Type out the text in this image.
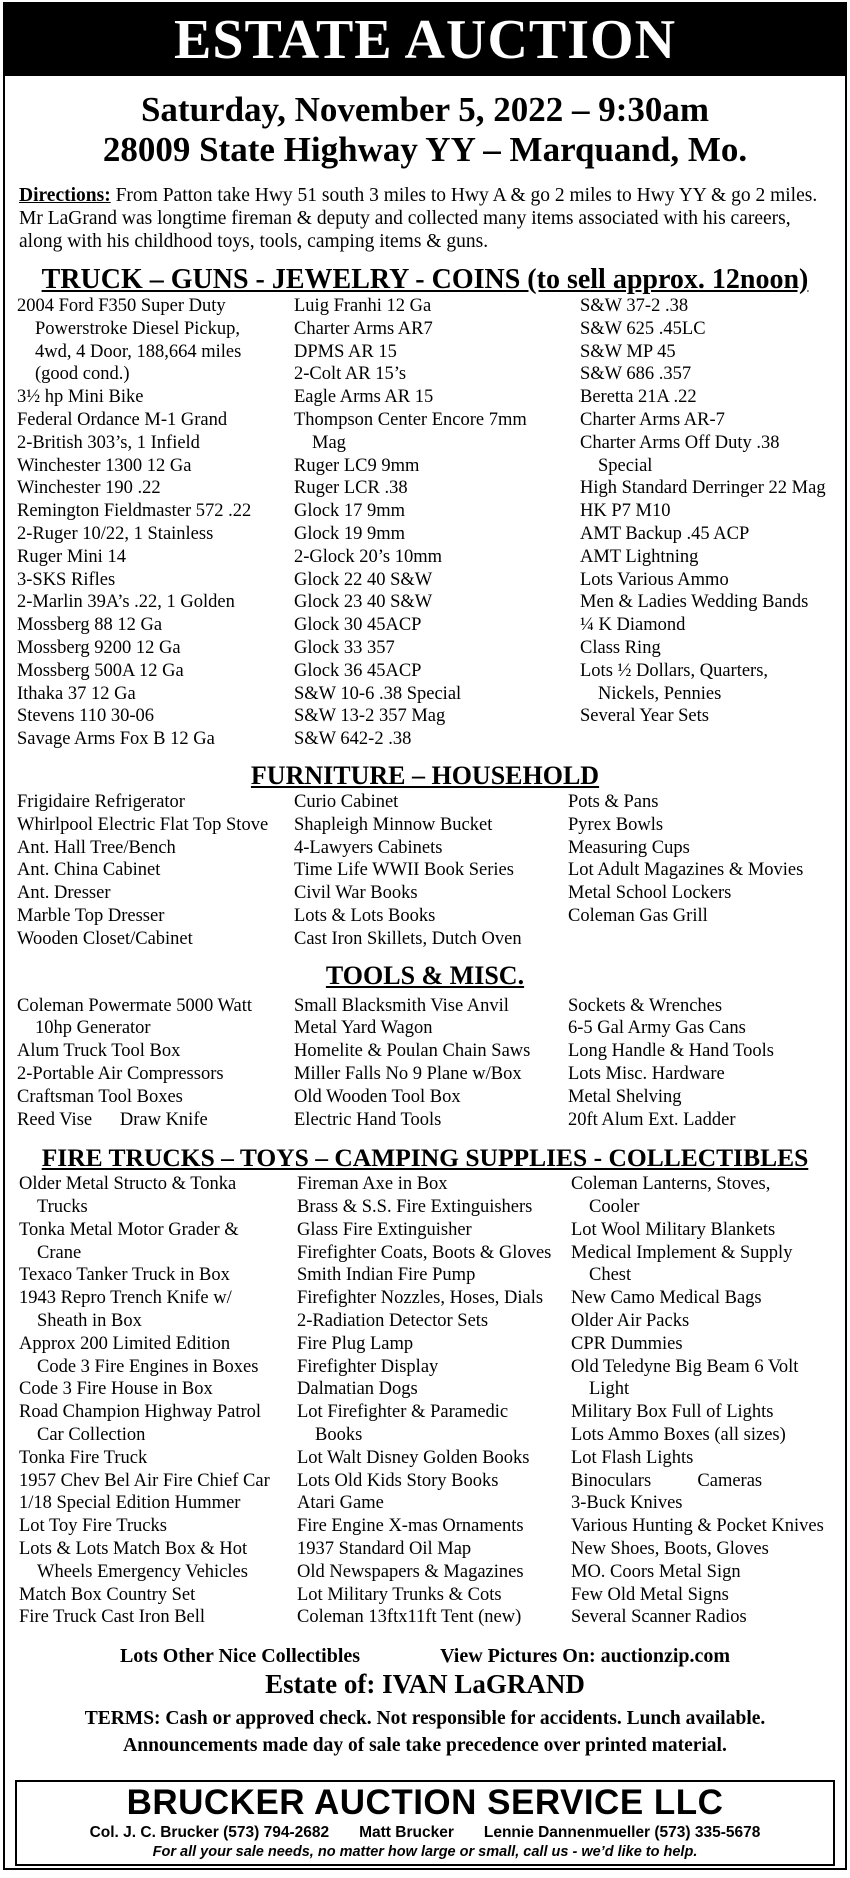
ESTATE AUCTION
Saturday, November 5, 2022 – 9:30am
28009 State Highway YY – Marquand, Mo.
Directions: From Patton take Hwy 51 south 3 miles to Hwy A & go 2 miles to Hwy YY & go 2 miles. Mr LaGrand was longtime fireman & deputy and collected many items associated with his careers, along with his childhood toys, tools, camping items & guns.
TRUCK – GUNS - JEWELRY - COINS (to sell approx. 12noon)
2004 Ford F350 Super Duty
Powerstroke Diesel Pickup,
4wd, 4 Door, 188,664 miles
(good cond.)
3½ hp Mini Bike
Federal Ordance M-1 Grand
2-British 303’s, 1 Infield
Winchester 1300 12 Ga
Winchester 190 .22
Remington Fieldmaster 572 .22
2-Ruger 10/22, 1 Stainless
Ruger Mini 14
3-SKS Rifles
2-Marlin 39A’s .22, 1 Golden
Mossberg 88 12 Ga
Mossberg 9200 12 Ga
Mossberg 500A 12 Ga
Ithaka 37 12 Ga
Stevens 110 30-06
Savage Arms Fox B 12 Ga
Luig Franhi 12 Ga
Charter Arms AR7
DPMS AR 15
2-Colt AR 15’s
Eagle Arms AR 15
Thompson Center Encore 7mm
Mag
Ruger LC9 9mm
Ruger LCR .38
Glock 17 9mm
Glock 19 9mm
2-Glock 20’s 10mm
Glock 22 40 S&W
Glock 23 40 S&W
Glock 30 45ACP
Glock 33 357
Glock 36 45ACP
S&W 10-6 .38 Special
S&W 13-2 357 Mag
S&W 642-2 .38
S&W 37-2 .38
S&W 625 .45LC
S&W MP 45
S&W 686 .357
Beretta 21A .22
Charter Arms AR-7
Charter Arms Off Duty .38
Special
High Standard Derringer 22 Mag
HK P7 M10
AMT Backup .45 ACP
AMT Lightning
Lots Various Ammo
Men & Ladies Wedding Bands
¼ K Diamond
Class Ring
Lots ½ Dollars, Quarters,
Nickels, Pennies
Several Year Sets
FURNITURE – HOUSEHOLD
Frigidaire Refrigerator
Whirlpool Electric Flat Top Stove
Ant. Hall Tree/Bench
Ant. China Cabinet
Ant. Dresser
Marble Top Dresser
Wooden Closet/Cabinet
Curio Cabinet
Shapleigh Minnow Bucket
4-Lawyers Cabinets
Time Life WWII Book Series
Civil War Books
Lots & Lots Books
Cast Iron Skillets, Dutch Oven
Pots & Pans
Pyrex Bowls
Measuring Cups
Lot Adult Magazines & Movies
Metal School Lockers
Coleman Gas Grill
TOOLS & MISC.
Coleman Powermate 5000 Watt
10hp Generator
Alum Truck Tool Box
2-Portable Air Compressors
Craftsman Tool Boxes
Reed Vise      Draw Knife
Small Blacksmith Vise Anvil
Metal Yard Wagon
Homelite & Poulan Chain Saws
Miller Falls No 9 Plane w/Box
Old Wooden Tool Box
Electric Hand Tools
Sockets & Wrenches
6-5 Gal Army Gas Cans
Long Handle & Hand Tools
Lots Misc. Hardware
Metal Shelving
20ft Alum Ext. Ladder
FIRE TRUCKS – TOYS – CAMPING SUPPLIES - COLLECTIBLES
Older Metal Structo & Tonka
Trucks
Tonka Metal Motor Grader &
Crane
Texaco Tanker Truck in Box
1943 Repro Trench Knife w/
Sheath in Box
Approx 200 Limited Edition
Code 3 Fire Engines in Boxes
Code 3 Fire House in Box
Road Champion Highway Patrol
Car Collection
Tonka Fire Truck
1957 Chev Bel Air Fire Chief Car
1/18 Special Edition Hummer
Lot Toy Fire Trucks
Lots & Lots Match Box & Hot
Wheels Emergency Vehicles
Match Box Country Set
Fire Truck Cast Iron Bell
Fireman Axe in Box
Brass & S.S. Fire Extinguishers
Glass Fire Extinguisher
Firefighter Coats, Boots & Gloves
Smith Indian Fire Pump
Firefighter Nozzles, Hoses, Dials
2-Radiation Detector Sets
Fire Plug Lamp
Firefighter Display
Dalmatian Dogs
Lot Firefighter & Paramedic
Books
Lot Walt Disney Golden Books
Lots Old Kids Story Books
Atari Game
Fire Engine X-mas Ornaments
1937 Standard Oil Map
Old Newspapers & Magazines
Lot Military Trunks & Cots
Coleman 13ftx11ft Tent (new)
Coleman Lanterns, Stoves,
Cooler
Lot Wool Military Blankets
Medical Implement & Supply
Chest
New Camo Medical Bags
Older Air Packs
CPR Dummies
Old Teledyne Big Beam 6 Volt
Light
Military Box Full of Lights
Lots Ammo Boxes (all sizes)
Lot Flash Lights
Binoculars          Cameras
3-Buck Knives
Various Hunting & Pocket Knives
New Shoes, Boots, Gloves
MO. Coors Metal Sign
Few Old Metal Signs
Several Scanner Radios
Lots Other Nice Collectibles	View Pictures On: auctionzip.com
Estate of: IVAN LaGRAND
TERMS: Cash or approved check. Not responsible for accidents. Lunch available.
Announcements made day of sale take precedence over printed material.
BRUCKER AUCTION SERVICE LLC
Col. J. C. Brucker (573) 794-2682 Matt Brucker Lennie Dannenmueller (573) 335-5678
For all your sale needs, no matter how large or small, call us - we’d like to help.
